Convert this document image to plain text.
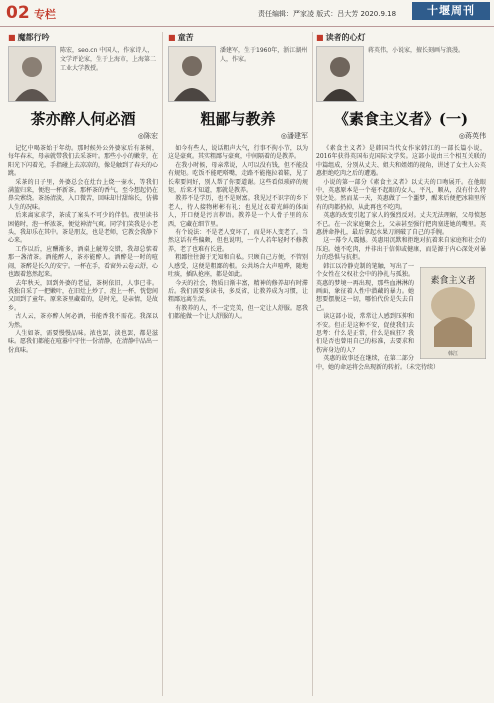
02 专栏	责任编辑：严家凌 版式：吕大芳 2020.9.18	十堰周刊
■ 魔都行吟
陈宏，seo.cn 中国人，作家诗人，文学评论家，生于上海市，上海第二工业大学教授。
茶亦醉人何必酒
◎陈宏

记忆中喝茶始于年幼。那时候外公外婆家后有茶树，每年春末，母亲就带我们去采茶叶。那些小小的嫩芽，在阳光下闪着光，手指碰上去凉凉的，像是触到了春天的心跳。

采茶的日子里，外婆总会在灶台上烧一壶水，等我们满篮归来，便泡一杯新茶。那杯茶的香气，至今想起仍在鼻尖萦绕。茶汤清淡，入口微苦，回味却甘甜绵长，仿佛人生的况味。

后来离家求学，茶成了案头不可少的伴侣。夜里读书困倦时，泡一杯浓茶，便觉神清气爽。同学们笑我是小老头，我却乐在其中。茶是朋友，也是老师，它教会我静下心来。

工作以后，应酬渐多，酒桌上觥筹交错，我却总惦着那一盏清茶。酒能醉人，茶亦能醉人。酒醉是一时的喧闹，茶醉是长久的安宁。一杯在手，看窗外云卷云舒，心也跟着悠然起来。

去年秋天，回到外婆的老屋，茶树依旧，人事已非。我独自采了一把嫩叶，在旧灶上炒了，泡上一杯，恍惚间又回到了童年。原来茶里藏着的，是时光，是亲情，是故乡。

古人云，茶亦醉人何必酒，书能香我不需花。我深以为然。

人生如茶，需要慢慢品味。浓也罢，淡也罢，都是滋味。愿我们都能在喧嚣中守住一份清静，在清静中品出一份真味。

■ 童苦
潘建军，生于1960年，浙江湖州人，作家。
粗鄙与教养
◎潘建军

如今有些人，说话粗声大气，行事不拘小节，以为这是豪爽。其实粗鄙与豪爽，中间隔着的是教养。

在我小时候，母亲常说，人可以没有钱，但不能没有规矩。吃饭不能吧嗒嘴，走路不能拖拉着鞋，见了长辈要问好，别人帮了你要道谢。这些看似琐碎的规矩，后来才知道，那就是教养。

教养不是学历，也不是财富。我见过不识字的乡下老人，待人接物彬彬有礼；也见过衣着光鲜的体面人，开口便是污言秽语。教养是一个人骨子里的东西，它藏在细节里。

有个说法：不是老人变坏了，而是坏人变老了。当然这话有些偏颇，但也说明，一个人若年轻时不修教养，老了也难有长进。

粗鄙往往源于无知和自私。只顾自己方便，不管别人感受，这便是粗鄙的根。公共场合大声喧哗，随地吐痰，插队抢座，都是如此。

今天的社会，物质日渐丰富，精神的修养却有时滞后。我们需要多读书，多反省，让教养成为习惯，让粗鄙远离生活。

有教养的人，不一定完美，但一定让人舒服。愿我们都能做一个让人舒服的人。

■ 读者的心灯
蒋英伟，小说家，擅长刻画与浪漫。
《素食主义者》(一)
◎蒋英伟

《素食主义者》是韩国当代女作家韩江的一部长篇小说，2016年获得英国布克国际文学奖。这部小说由三个相互关联的中篇组成，分别从丈夫、姐夫和姐姐的视角，讲述了女主人公英惠拒绝吃肉之后的遭遇。

小说的第一部分《素食主义者》以丈夫的口吻展开。在他眼中，英惠原本是一个毫不起眼的女人，平凡、顺从，没有什么特别之处。然而某一天，英惠做了一个噩梦，醒来后便把冰箱里所有的肉都扔掉，从此再也不吃肉。

英惠的改变引起了家人的强烈反对。丈夫无法理解，父母愤怒不已。在一次家庭聚会上，父亲甚至强行把肉塞进她的嘴里。英惠拼命挣扎，最后拿起水果刀割破了自己的手腕。

这一幕令人震撼。英惠用沉默和拒绝对抗着来自家庭和社会的压迫。她不吃肉，并非出于信仰或健康，而是源于内心深处对暴力的恐惧与抗拒。

素食主义者
韩江

韩江以冷静克制的笔触，写出了一个女性在父权社会中的挣扎与孤独。英惠的梦境一再出现，那些血淋淋的画面，象征着人性中潜藏的暴力。她想要摆脱这一切，哪怕代价是失去自己。

读这部小说，常常让人感到压抑和不安。但正是这种不安，促使我们去思考：什么是正常，什么是疯狂？我们是否也曾用自己的标准，去要求和伤害身边的人？

英惠的故事还在继续，在第二部分中，她的命运将会出现新的转折。（未完待续）
